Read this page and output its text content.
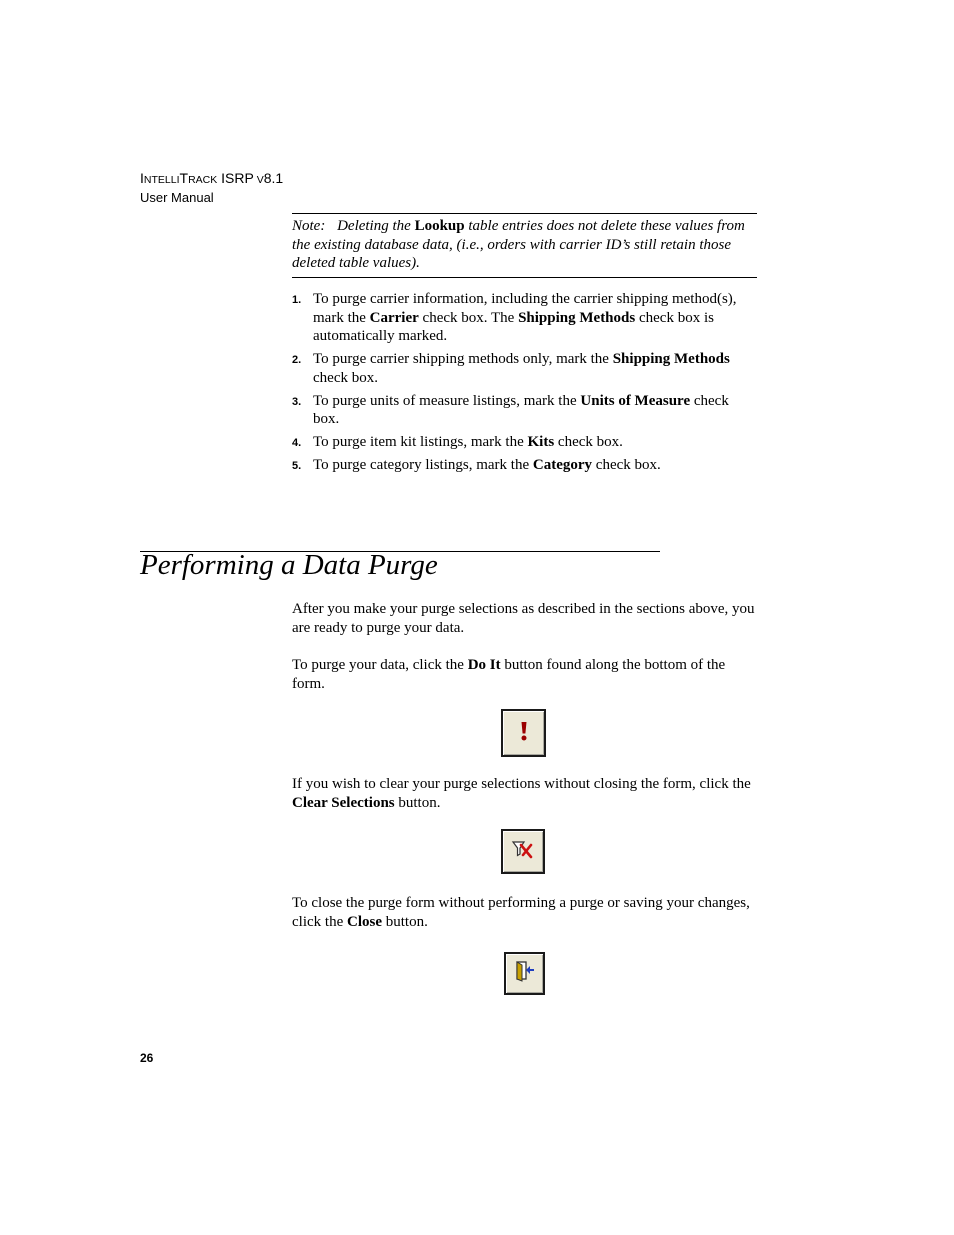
INTELLITRACK ISRP V8.1
User Manual
Note: Deleting the Lookup table entries does not delete these values from the existing database data, (i.e., orders with carrier ID’s still retain those deleted table values).
1. To purge carrier information, including the carrier shipping method(s), mark the Carrier check box. The Shipping Methods check box is automatically marked.
2. To purge carrier shipping methods only, mark the Shipping Methods check box.
3. To purge units of measure listings, mark the Units of Measure check box.
4. To purge item kit listings, mark the Kits check box.
5. To purge category listings, mark the Category check box.
Performing a Data Purge

After you make your purge selections as described in the sections above, you are ready to purge your data.

To purge your data, click the Do It button found along the bottom of the form.

If you wish to clear your purge selections without closing the form, click the Clear Selections button.

To close the purge form without performing a purge or saving your changes, click the Close button.

26
